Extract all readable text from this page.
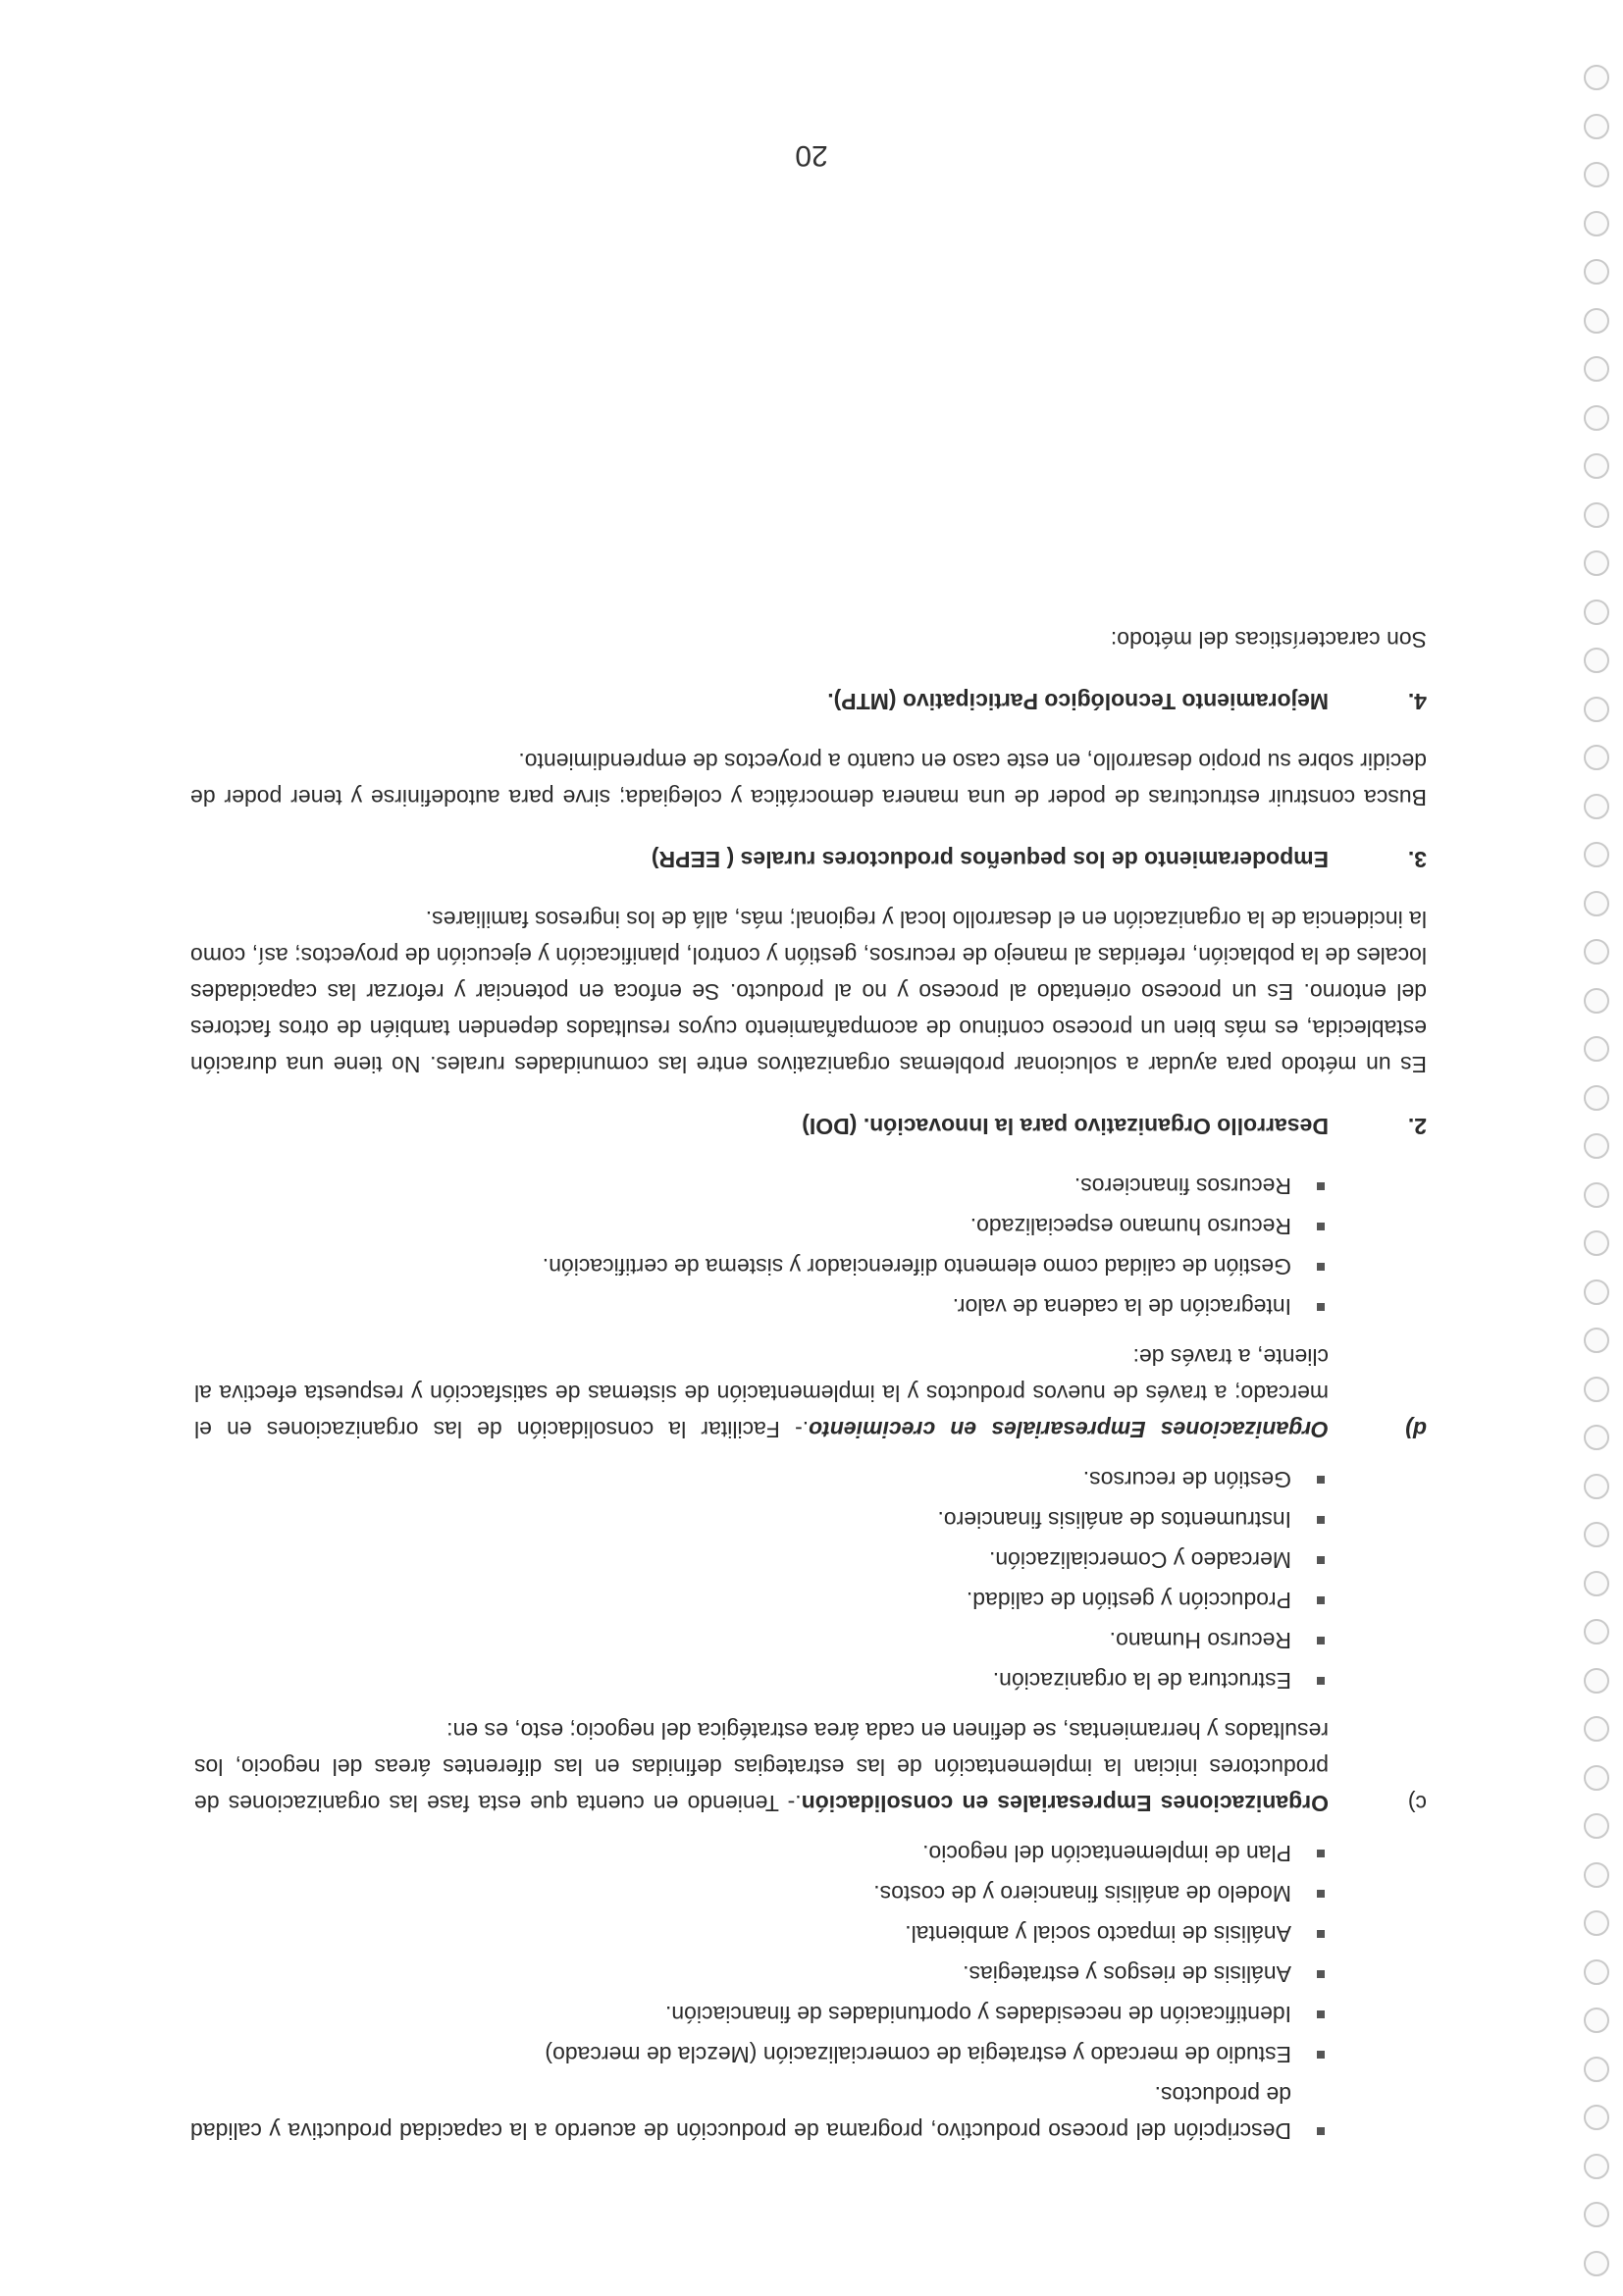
Descripción del proceso productivo, programa de producción de acuerdo a la capacidad productiva y calidad de productos.
Estudio de mercado y estrategia de comercialización (Mezcla de mercado)
Identificación de necesidades y oportunidades de financiación.
Análisis de riesgos y estrategias.
Análisis de impacto social y ambiental.
Modelo de análisis financiero y de costos.
Plan de implementación del negocio.
c)Organizaciones Empresariales en consolidación.- Teniendo en cuenta que esta fase las organizaciones de productores inician la implementación de las estrategias definidas en las diferentes áreas del negocio, los resultados y herramientas, se definen en cada área estratégica del negocio; esto, es en:
Estructura de la organización.
Recurso Humano.
Producción y gestión de calidad.
Mercadeo y Comercialización.
Instrumentos de análisis financiero.
Gestión de recursos.
d)Organizaciones Empresariales en crecimiento.- Facilitar la consolidación de las organizaciones en el mercado; a través de nuevos productos y la implementación de sistemas de satisfacción y respuesta efectiva al cliente, a través de:
Integración de la cadena de valor.
Gestión de calidad como elemento diferenciador y sistema de certificación.
Recurso humano especializado.
Recursos financieros.
2.Desarrollo Organizativo para la Innovación. (DOI)

Es un método para ayudar a solucionar problemas organizativos entre las comunidades rurales. No tiene una duración establecida, es más bien un proceso continuo de acompañamiento cuyos resultados dependen también de otros factores del entorno. Es un proceso orientado al proceso y no al producto. Se enfoca en potenciar y reforzar las capacidades locales de la población, referidas al manejo de recursos, gestión y control, planificación y ejecución de proyectos; así, como la incidencia de la organización en el desarrollo local y regional; más, allá de los ingresos familiares.

3.Empoderamiento de los pequeños productores rurales ( EEPR)

Busca construir estructuras de poder de una manera democrática y colegiada; sirve para autodefinirse y tener poder de decidir sobre su propio desarrollo, en este caso en cuanto a proyectos de emprendimiento.

4.Mejoramiento Tecnológico Participativo (MTP).

Son características del método:

20
